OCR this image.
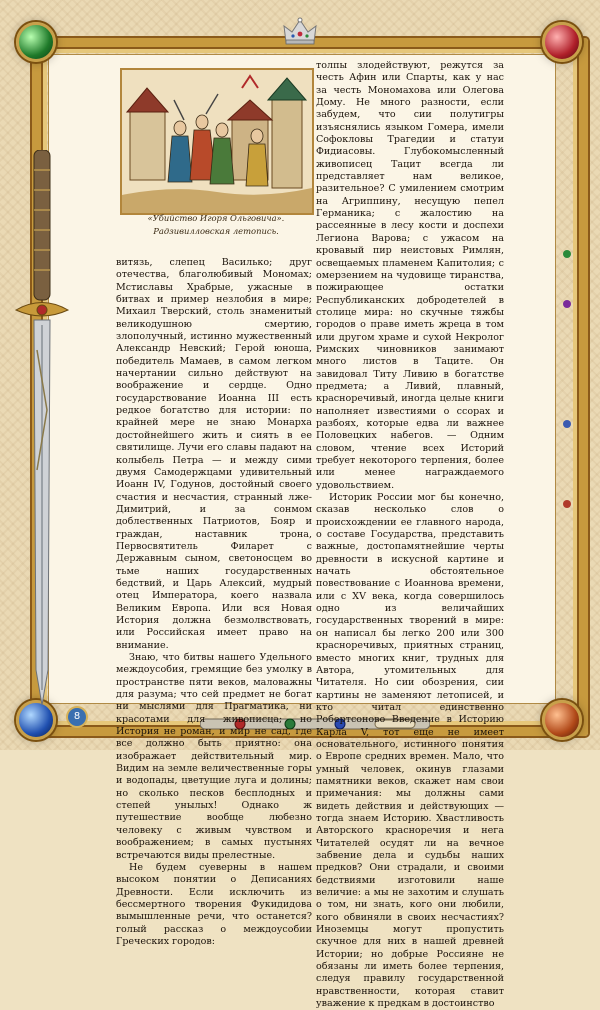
8
«Убийство Игоря Ольговича».
Радзивилловская летопись.

витязь, слепец Василько; друг отечества, благолюбивый Мономах; Мстиславы Храбрые, ужасные в битвах и пример незлобия в мире; Михаил Тверский, столь знаменитый великодушною смертию, злополучный, истинно мужественный Александр Невский; Герой юноша, победитель Мамаев, в самом легком начертании сильно действуют на воображение и сердце. Одно государствование Иоанна III есть редкое богатство для истории: по крайней мере не знаю Монарха достойнейшего жить и сиять в ее святилище. Лучи его славы падают на колыбель Петра — и между сими двумя Самодержцами удивительный Иоанн IV, Годунов, достойный своего счастия и несчастия, странный лже-Димитрий, и за сонмом доблественных Патриотов, Бояр и граждан, наставник трона, Первосвятитель Филарет с Державным сыном, светоносцем во тьме наших государственных бедствий, и Царь Алексий, мудрый отец Императора, коего назвала Великим Европа. Или вся Новая История должна безмолвствовать, или Российская имеет право на внимание.

Знаю, что битвы нашего Удельного междоусобия, гремящие без умолку в пространстве пяти веков, маловажны для разума; что сей предмет не богат ни мыслями для Прагматика, ни красотами для живописца; но История не роман, и мир не сад, где все должно быть приятно: она изображает действительный мир. Видим на земле величественные горы и водопады, цветущие луга и долины; но сколько песков бесплодных и степей унылых! Однако ж путешествие вообще любезно человеку с живым чувством и воображением; в самых пустынях встречаются виды прелестные.

Не будем суеверны в нашем высоком понятии о Деписаниях Древности. Если исключить из бессмертного творения Фукидидова вымышленные речи, что останется? голый рассказ о междоусобии Греческих городов:

толпы злодействуют, режутся за честь Афин или Спарты, как у нас за честь Мономахова или Олегова Дому. Не много разности, если забудем, что сии полутигры изъяснялись языком Гомера, имели Софокловы Трагедии и статуи Фидиасовы. Глубокомысленный живописец Тацит всегда ли представляет нам великое, разительное? С умилением смотрим на Агриппину, несущую пепел Германика; с жалостию на рассеянные в лесу кости и доспехи Легиона Варова; с ужасом на кровавый пир неистовых Римлян, освещаемых пламенем Капитолия; с омерзением на чудовище тиранства, пожирающее остатки Республиканских добродетелей в столице мира: но скучные тяжбы городов о праве иметь жреца в том или другом храме и сухой Некролог Римских чиновников занимают много листов в Таците. Он завидовал Титу Ливию в богатстве предмета; а Ливий, плавный, красноречивый, иногда целые книги наполняет известиями о ссорах и разбоях, которые едва ли важнее Половецких набегов. — Одним словом, чтение всех Историй требует некоторого терпения, более или менее награждаемого удовольствием.

Историк России мог бы конечно, сказав несколько слов о происхождении ее главного народа, о составе Государства, представить важные, достопамятнейшие черты древности в искусной картине и начать обстоятельное повествование с Иоаннова времени, или с XV века, когда совершилось одно из величайших государственных творений в мире: он написал бы легко 200 или 300 красноречивых, приятных страниц, вместо многих книг, трудных для Автора, утомительных для Читателя. Но сии обозрения, сии картины не заменяют летописей, и кто читал единственно Робертсоново Введение в Историю Карла V, тот еще не имеет основательного, истинного понятия о Европе средних времен. Мало, что умный человек, окинув глазами памятники веков, скажет нам свои примечания: мы должны сами видеть действия и действующих — тогда знаем Историю. Хвастливость Авторского красноречия и нега Читателей осудят ли на вечное забвение дела и судьбы наших предков? Они страдали, и своими бедствиями изготовили наше величие: а мы не захотим и слушать о том, ни знать, кого они любили, кого обвиняли в своих несчастиях? Иноземцы могут пропустить скучное для них в нашей древней Истории; но добрые Россияне не обязаны ли иметь более терпения, следуя правилу государственной нравственности, которая ставит уважение к предкам в достоинство
